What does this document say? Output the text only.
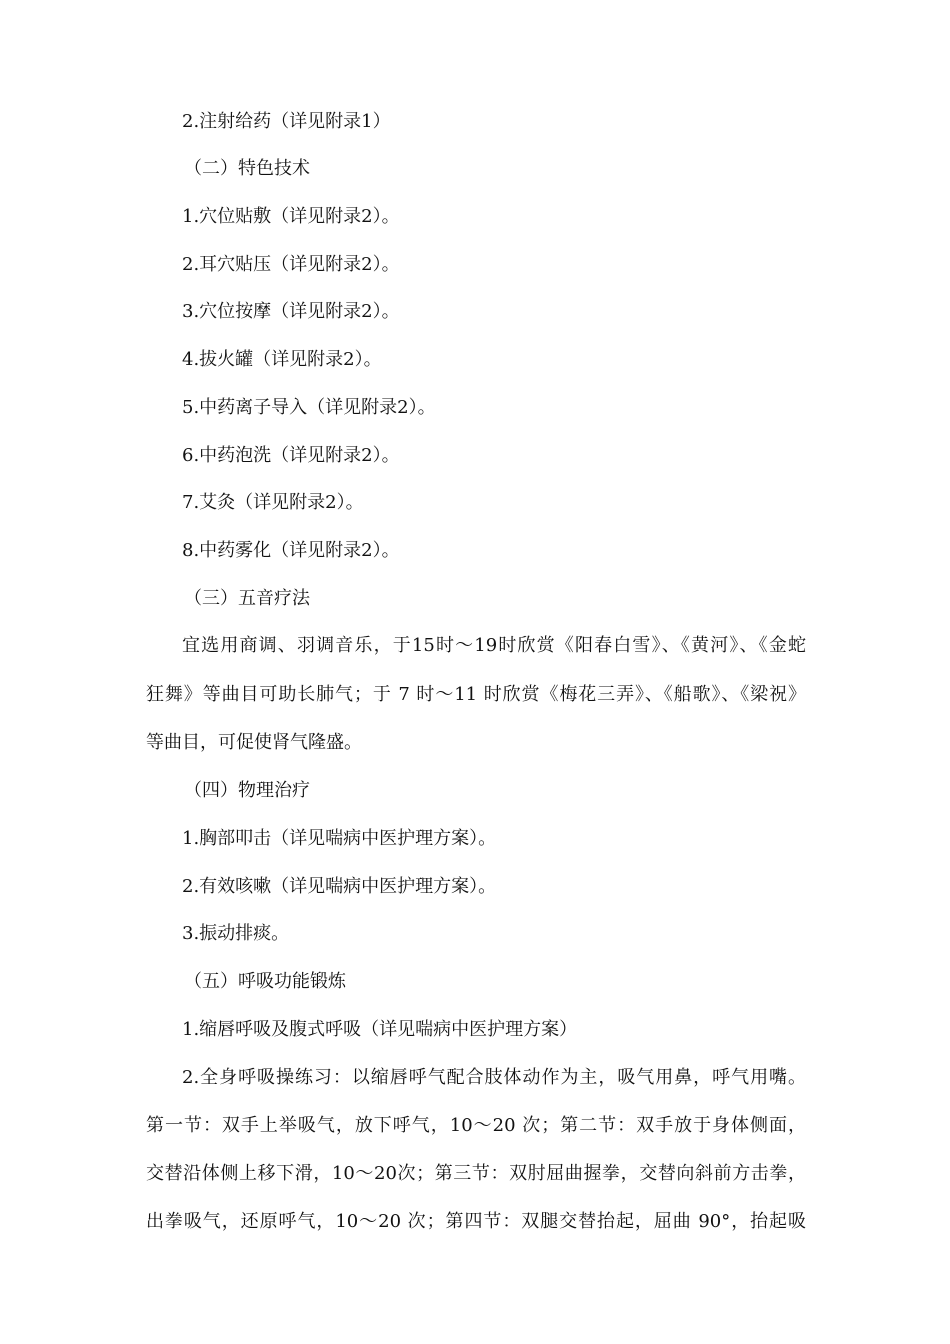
2.注射给药（详见附录1）
（二）特色技术
1.穴位贴敷（详见附录2）。
2.耳穴贴压（详见附录2）。
3.穴位按摩（详见附录2）。
4.拔火罐（详见附录2）。
5.中药离子导入（详见附录2）。
6.中药泡洗（详见附录2）。
7.艾灸（详见附录2）。
8.中药雾化（详见附录2）。
（三）五音疗法
宜选用商调、羽调音乐，于15时～19时欣赏《阳春白雪》、《黄河》、《金蛇
狂舞》等曲目可助长肺气；于 7 时～11 时欣赏《梅花三弄》、《船歌》、《梁祝》
等曲目，可促使肾气隆盛。
（四）物理治疗
1.胸部叩击（详见喘病中医护理方案）。
2.有效咳嗽（详见喘病中医护理方案）。
3.振动排痰。
（五）呼吸功能锻炼
1.缩唇呼吸及腹式呼吸（详见喘病中医护理方案）
2.全身呼吸操练习：以缩唇呼气配合肢体动作为主，吸气用鼻，呼气用嘴。
第一节：双手上举吸气，放下呼气，10～20 次；第二节：双手放于身体侧面，
交替沿体侧上移下滑，10～20次；第三节：双肘屈曲握拳，交替向斜前方击拳，
出拳吸气，还原呼气，10～20 次；第四节：双腿交替抬起，屈曲 90°，抬起吸
